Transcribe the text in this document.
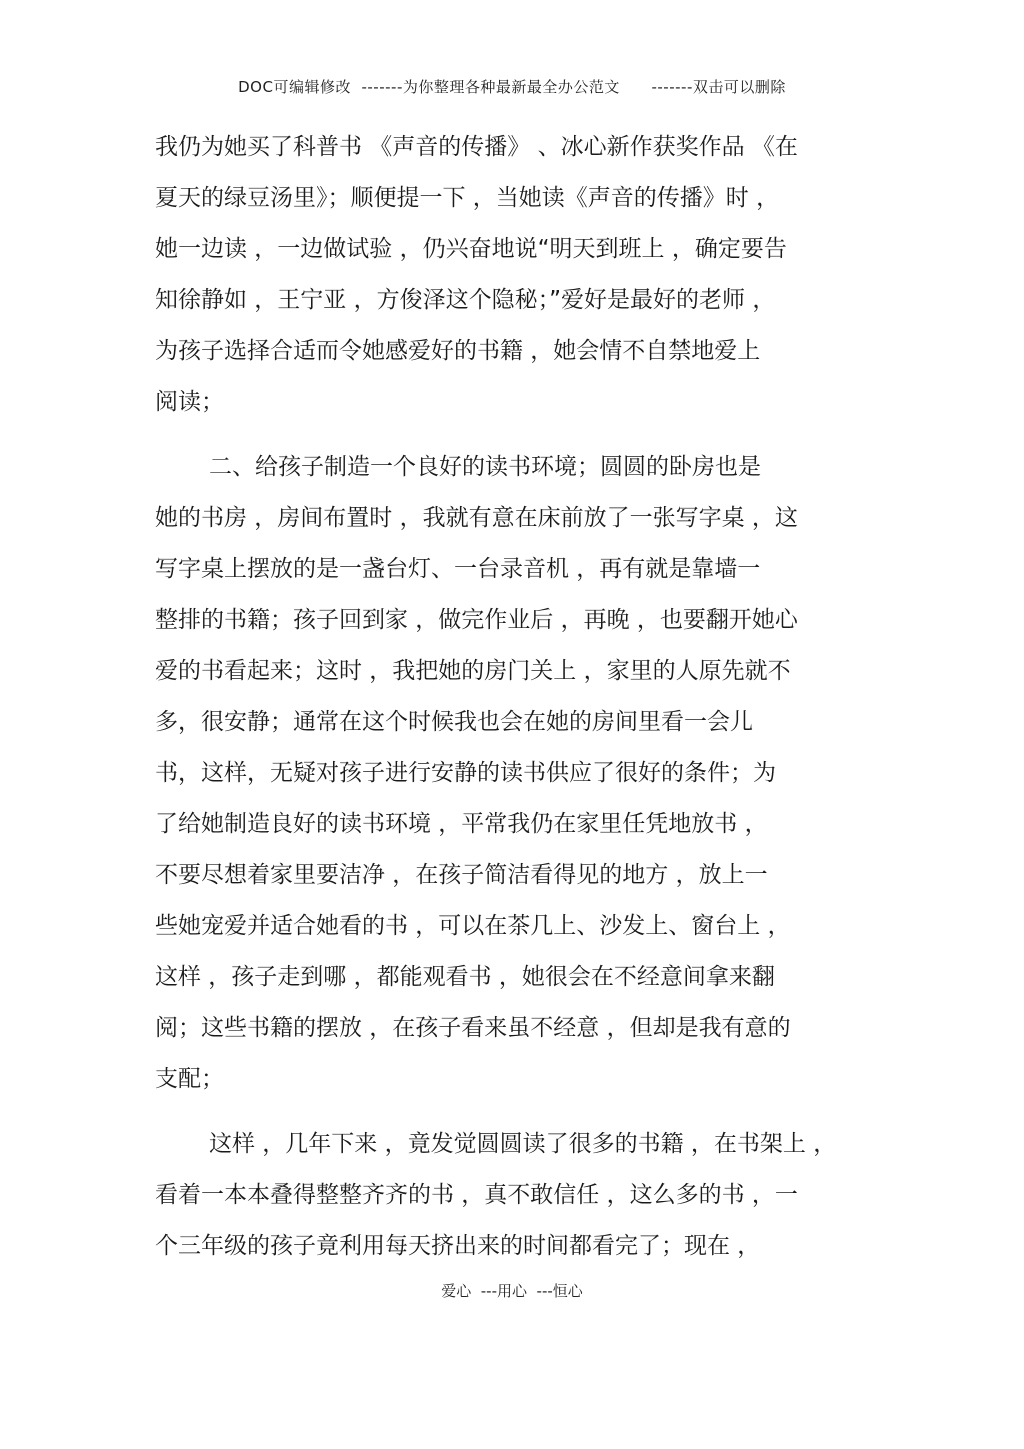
DOC可编辑修改  -------为你整理各种最新最全办公范文      -------双击可以删除
我仍为她买了科普书 《声音的传播》 、冰心新作获奖作品 《在
夏天的绿豆汤里》；顺便提一下 ，当她读《声音的传播》时 ，
她一边读 ，一边做试验 ，仍兴奋地说“明天到班上 ，确定要告
知徐静如 ，王宁亚 ，方俊泽这个隐秘；”爱好是最好的老师 ，
为孩子选择合适而令她感爱好的书籍 ，她会情不自禁地爱上
阅读；
二、给孩子制造一个良好的读书环境；圆圆的卧房也是
她的书房 ，房间布置时 ，我就有意在床前放了一张写字桌 ，这
写字桌上摆放的是一盏台灯、一台录音机 ，再有就是靠墙一
整排的书籍；孩子回到家 ，做完作业后 ，再晚 ，也要翻开她心
爱的书看起来；这时 ，我把她的房门关上 ，家里的人原先就不
多，很安静；通常在这个时候我也会在她的房间里看一会儿
书，这样，无疑对孩子进行安静的读书供应了很好的条件；为
了给她制造良好的读书环境 ，平常我仍在家里任凭地放书 ，
不要尽想着家里要洁净 ，在孩子简洁看得见的地方 ，放上一
些她宠爱并适合她看的书 ，可以在茶几上、沙发上、窗台上 ，
这样 ，孩子走到哪 ，都能观看书 ，她很会在不经意间拿来翻
阅；这些书籍的摆放 ，在孩子看来虽不经意 ，但却是我有意的
支配；
这样 ，几年下来 ，竟发觉圆圆读了很多的书籍 ，在书架上 ，
看着一本本叠得整整齐齐的书 ，真不敢信任 ，这么多的书 ，一
个三年级的孩子竟利用每天挤出来的时间都看完了；现在 ，
爱心  ---用心  ---恒心
